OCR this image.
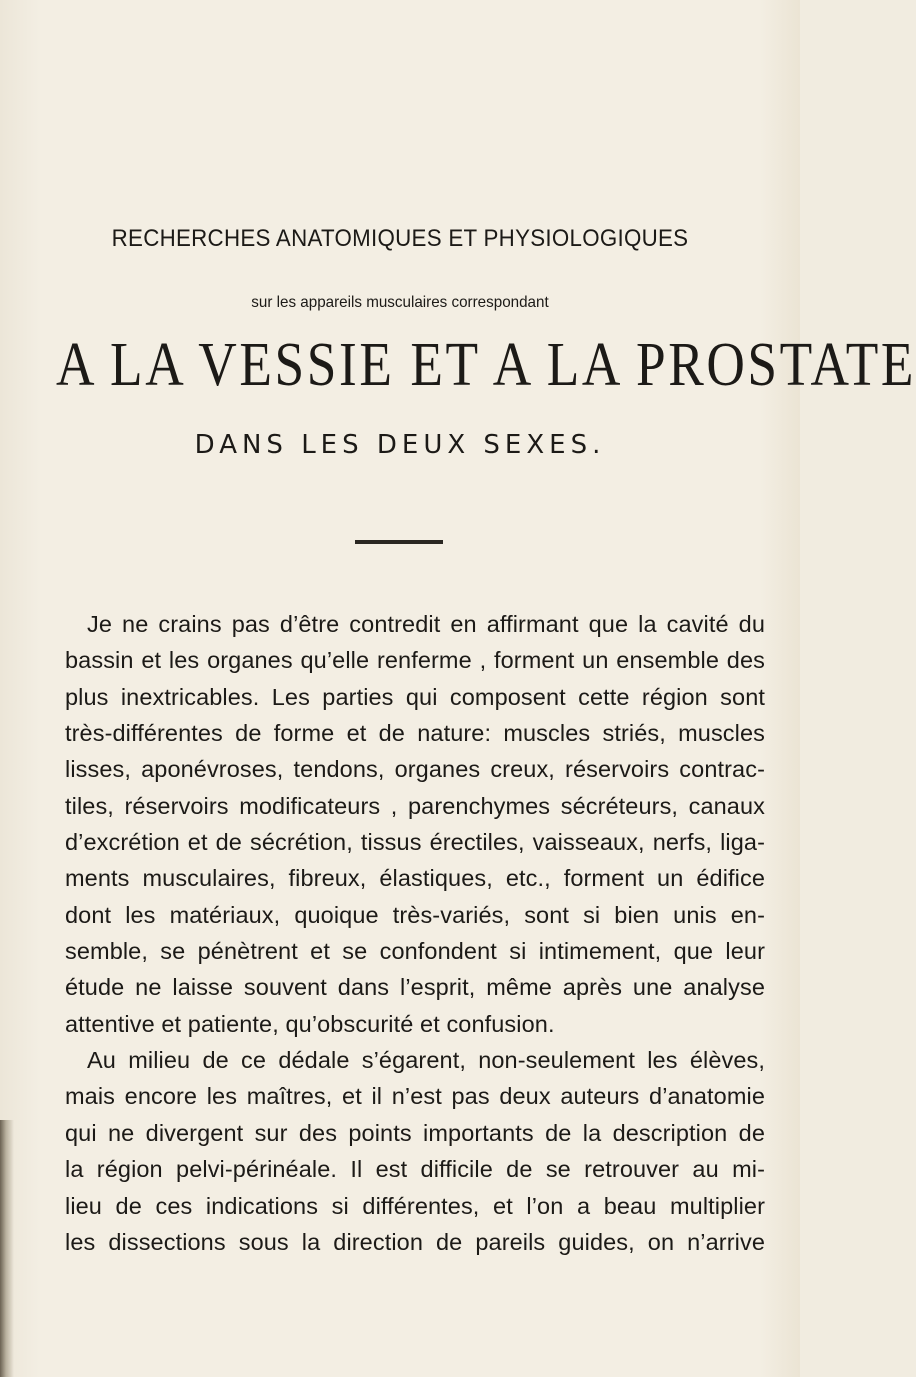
RECHERCHES ANATOMIQUES ET PHYSIOLOGIQUES
sur les appareils musculaires correspondant
A LA VESSIE ET A LA PROSTATE
DANS LES DEUX SEXES.
Je ne crains pas d’être contredit en affirmant que la cavité du
bassin et les organes qu’elle renferme , forment un ensemble des
plus inextricables. Les parties qui composent cette région sont
très-différentes de forme et de nature: muscles striés, muscles
lisses, aponévroses, tendons, organes creux, réservoirs contrac-
tiles, réservoirs modificateurs , parenchymes sécréteurs, canaux
d’excrétion et de sécrétion, tissus érectiles, vaisseaux, nerfs, liga-
ments musculaires, fibreux, élastiques, etc., forment un édifice
dont les matériaux, quoique très-variés, sont si bien unis en-
semble, se pénètrent et se confondent si intimement, que leur
étude ne laisse souvent dans l’esprit, même après une analyse
attentive et patiente, qu’obscurité et confusion.
Au milieu de ce dédale s’égarent, non-seulement les élèves,
mais encore les maîtres, et il n’est pas deux auteurs d’anatomie
qui ne divergent sur des points importants de la description de
la région pelvi-périnéale. Il est difficile de se retrouver au mi-
lieu de ces indications si différentes, et l’on a beau multiplier
les dissections sous la direction de pareils guides, on n’arrive
